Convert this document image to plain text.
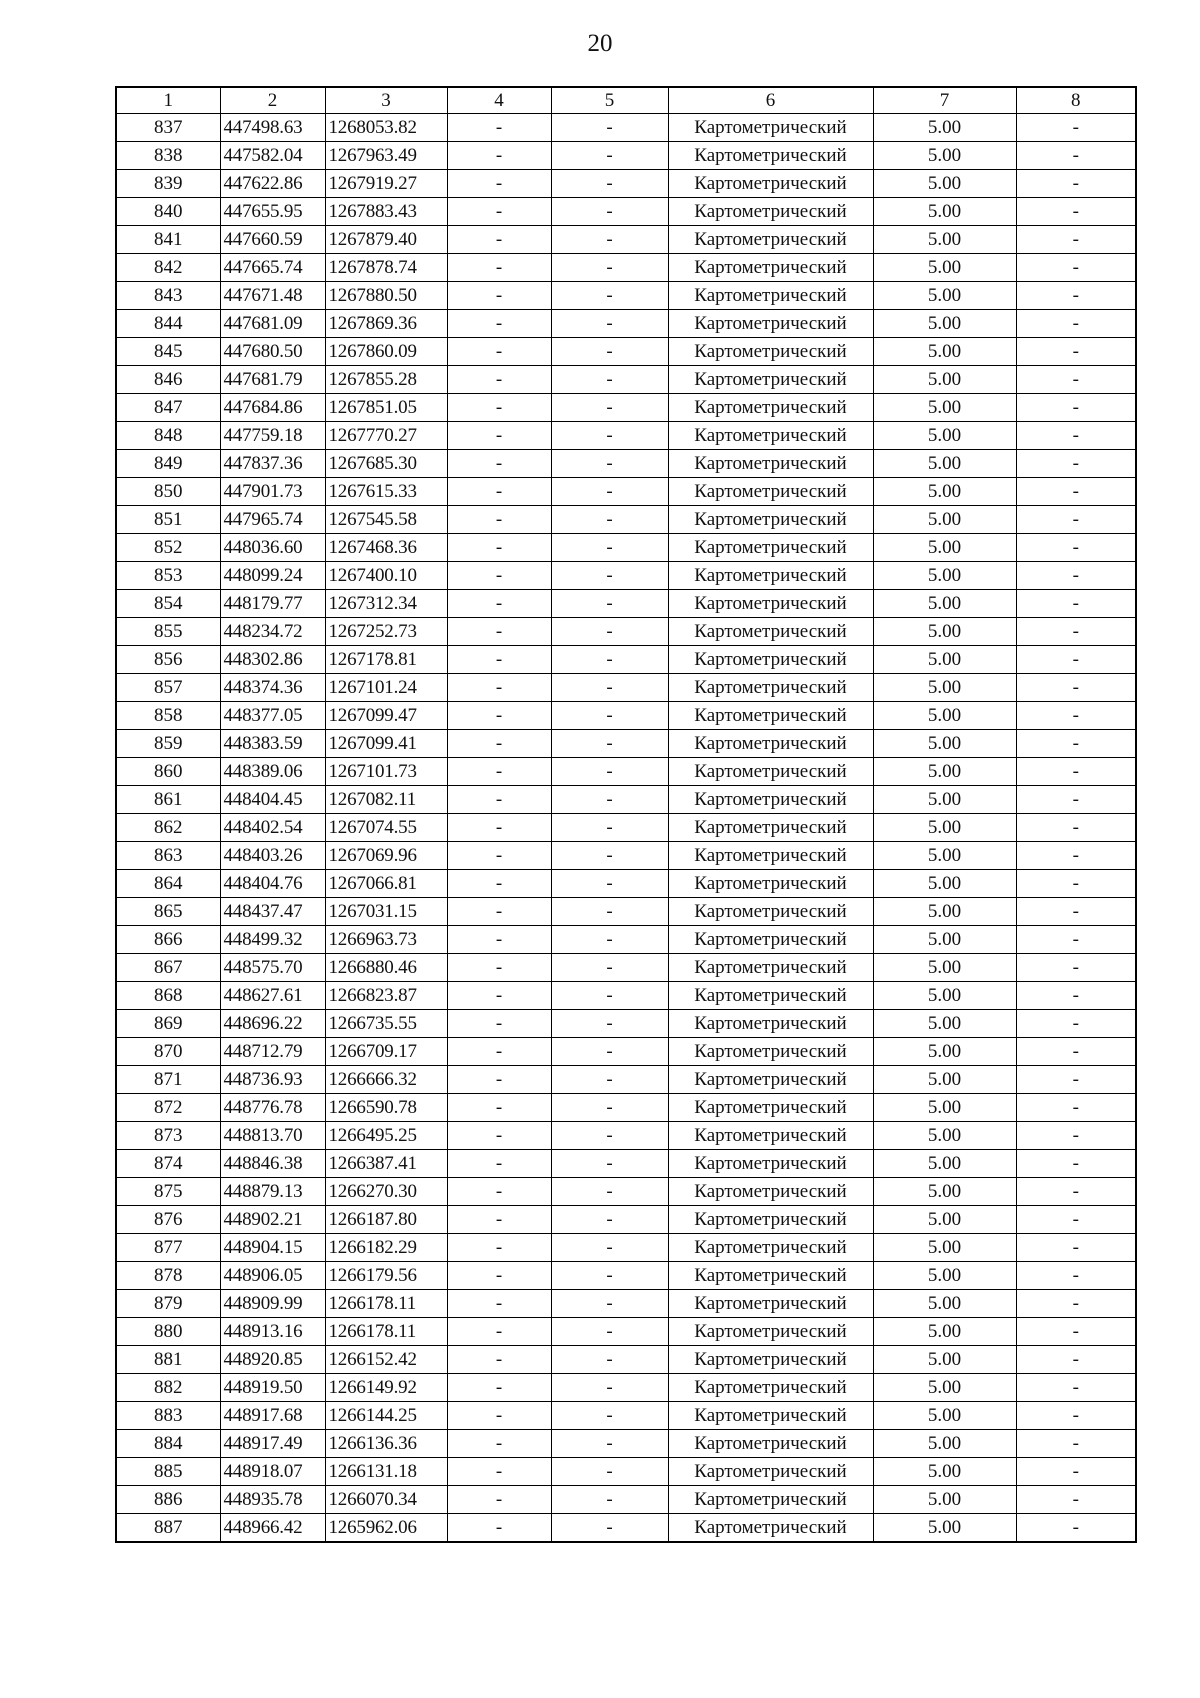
20
1	2	3	4	5	6	7	8
837	447498.63	1268053.82	-	-	Картометрический	5.00	-
838	447582.04	1267963.49	-	-	Картометрический	5.00	-
839	447622.86	1267919.27	-	-	Картометрический	5.00	-
840	447655.95	1267883.43	-	-	Картометрический	5.00	-
841	447660.59	1267879.40	-	-	Картометрический	5.00	-
842	447665.74	1267878.74	-	-	Картометрический	5.00	-
843	447671.48	1267880.50	-	-	Картометрический	5.00	-
844	447681.09	1267869.36	-	-	Картометрический	5.00	-
845	447680.50	1267860.09	-	-	Картометрический	5.00	-
846	447681.79	1267855.28	-	-	Картометрический	5.00	-
847	447684.86	1267851.05	-	-	Картометрический	5.00	-
848	447759.18	1267770.27	-	-	Картометрический	5.00	-
849	447837.36	1267685.30	-	-	Картометрический	5.00	-
850	447901.73	1267615.33	-	-	Картометрический	5.00	-
851	447965.74	1267545.58	-	-	Картометрический	5.00	-
852	448036.60	1267468.36	-	-	Картометрический	5.00	-
853	448099.24	1267400.10	-	-	Картометрический	5.00	-
854	448179.77	1267312.34	-	-	Картометрический	5.00	-
855	448234.72	1267252.73	-	-	Картометрический	5.00	-
856	448302.86	1267178.81	-	-	Картометрический	5.00	-
857	448374.36	1267101.24	-	-	Картометрический	5.00	-
858	448377.05	1267099.47	-	-	Картометрический	5.00	-
859	448383.59	1267099.41	-	-	Картометрический	5.00	-
860	448389.06	1267101.73	-	-	Картометрический	5.00	-
861	448404.45	1267082.11	-	-	Картометрический	5.00	-
862	448402.54	1267074.55	-	-	Картометрический	5.00	-
863	448403.26	1267069.96	-	-	Картометрический	5.00	-
864	448404.76	1267066.81	-	-	Картометрический	5.00	-
865	448437.47	1267031.15	-	-	Картометрический	5.00	-
866	448499.32	1266963.73	-	-	Картометрический	5.00	-
867	448575.70	1266880.46	-	-	Картометрический	5.00	-
868	448627.61	1266823.87	-	-	Картометрический	5.00	-
869	448696.22	1266735.55	-	-	Картометрический	5.00	-
870	448712.79	1266709.17	-	-	Картометрический	5.00	-
871	448736.93	1266666.32	-	-	Картометрический	5.00	-
872	448776.78	1266590.78	-	-	Картометрический	5.00	-
873	448813.70	1266495.25	-	-	Картометрический	5.00	-
874	448846.38	1266387.41	-	-	Картометрический	5.00	-
875	448879.13	1266270.30	-	-	Картометрический	5.00	-
876	448902.21	1266187.80	-	-	Картометрический	5.00	-
877	448904.15	1266182.29	-	-	Картометрический	5.00	-
878	448906.05	1266179.56	-	-	Картометрический	5.00	-
879	448909.99	1266178.11	-	-	Картометрический	5.00	-
880	448913.16	1266178.11	-	-	Картометрический	5.00	-
881	448920.85	1266152.42	-	-	Картометрический	5.00	-
882	448919.50	1266149.92	-	-	Картометрический	5.00	-
883	448917.68	1266144.25	-	-	Картометрический	5.00	-
884	448917.49	1266136.36	-	-	Картометрический	5.00	-
885	448918.07	1266131.18	-	-	Картометрический	5.00	-
886	448935.78	1266070.34	-	-	Картометрический	5.00	-
887	448966.42	1265962.06	-	-	Картометрический	5.00	-
